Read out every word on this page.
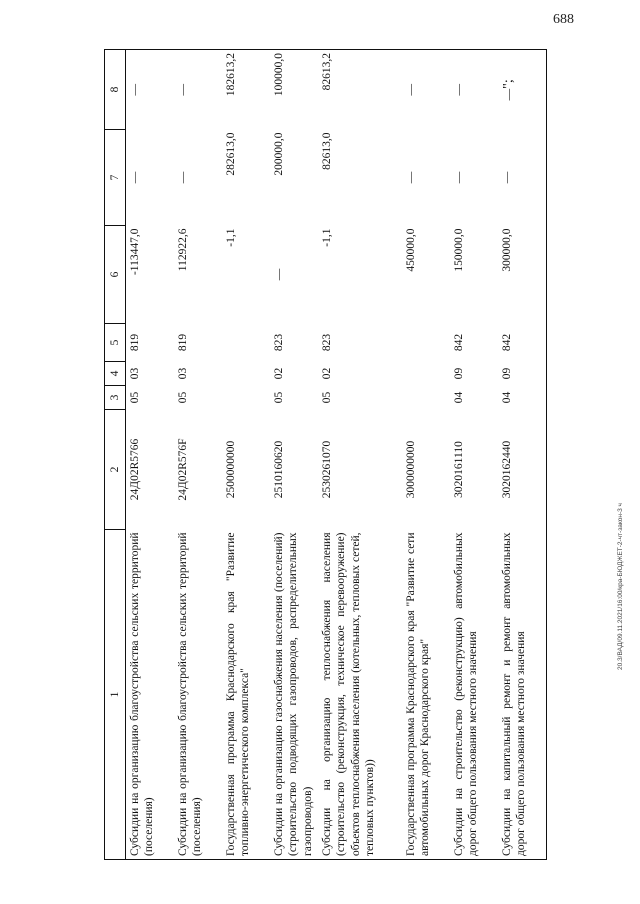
688
20.3/ВАД/09.11.2021/16:00/кра-БЮДЖЕТ-2-чт-закон-3 ч
1	2	3	4	5	6	7	8
Субсидии на организацию благоустройства сельских территорий (поселения)	24Д02R5766	05	03	819	-113447,0	—	—
Субсидии на организацию благоустройства сельских территорий (поселения)	24Д02R576F	05	03	819	112922,6	—	—
Государственная программа Краснодарского края "Развитие топливно-энергетического комплекса"	2500000000				-1,1	282613,0	182613,2
Субсидии на организацию газоснабжения населения (поселений) (строительство подводящих газопроводов, распределительных газопроводов)	2510160620	05	02	823	—	200000,0	100000,0
Субсидии на организацию теплоснабжения населения (строительство (реконструкция, техническое перевооружение) объектов теплоснабжения населения (котельных, тепловых сетей, тепловых пунктов))	2530261070	05	02	823	-1,1	82613,0	82613,2
Государственная программа Краснодарского края "Развитие сети автомобильных дорог Краснодарского края"	3000000000				450000,0	—	—
Субсидии на строительство (реконструкцию) автомобильных дорог общего пользования местного значения	3020161110	04	09	842	150000,0	—	—
Субсидии на капитальный ремонт и ремонт автомобильных дорог общего пользования местного значения	3020162440	04	09	842	300000,0	—	—";
